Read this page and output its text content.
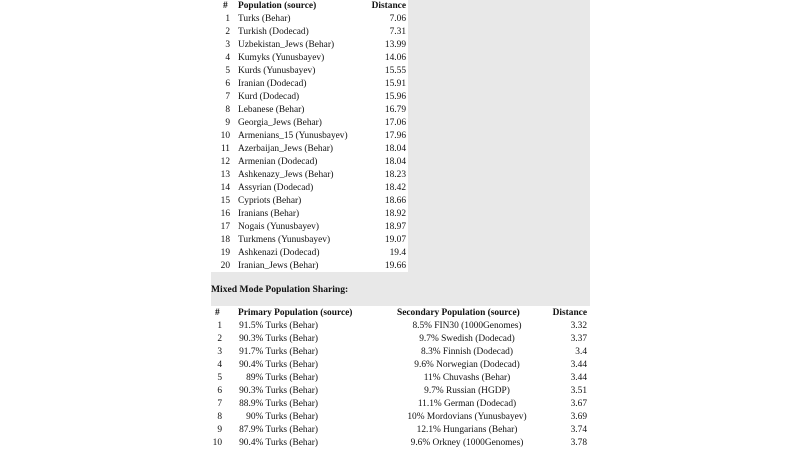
# Population (source)	Distance
1 Turks (Behar)	7.06
2 Turkish (Dodecad)	7.31
3 Uzbekistan_Jews (Behar)	13.99
4 Kumyks (Yunusbayev)	14.06
5 Kurds (Yunusbayev)	15.55
6 Iranian (Dodecad)	15.91
7 Kurd (Dodecad)	15.96
8 Lebanese (Behar)	16.79
9 Georgia_Jews (Behar)	17.06
10 Armenians_15 (Yunusbayev)	17.96
11 Azerbaijan_Jews (Behar)	18.04
12 Armenian (Dodecad)	18.04
13 Ashkenazy_Jews (Behar)	18.23
14 Assyrian (Dodecad)	18.42
15 Cypriots (Behar)	18.66
16 Iranians (Behar)	18.92
17 Nogais (Yunusbayev)	18.97
18 Turkmens (Yunusbayev)	19.07
19 Ashkenazi (Dodecad)	19.4
20 Iranian_Jews (Behar)	19.66
Mixed Mode Population Sharing:
# Primary Population (source)	Secondary Population (source)	Distance
1	91.5% Turks (Behar)	8.5% FIN30 (1000Genomes)	3.32
2	90.3% Turks (Behar)	9.7% Swedish (Dodecad)	3.37
3	91.7% Turks (Behar)	8.3% Finnish (Dodecad)	3.4
4	90.4% Turks (Behar)	9.6% Norwegian (Dodecad)	3.44
5	89% Turks (Behar)	11% Chuvashs (Behar)	3.44
6	90.3% Turks (Behar)	9.7% Russian (HGDP)	3.51
7	88.9% Turks (Behar)	11.1% German (Dodecad)	3.67
8	90% Turks (Behar)	10% Mordovians (Yunusbayev)	3.69
9	87.9% Turks (Behar)	12.1% Hungarians (Behar)	3.74
10	90.4% Turks (Behar)	9.6% Orkney (1000Genomes)	3.78
